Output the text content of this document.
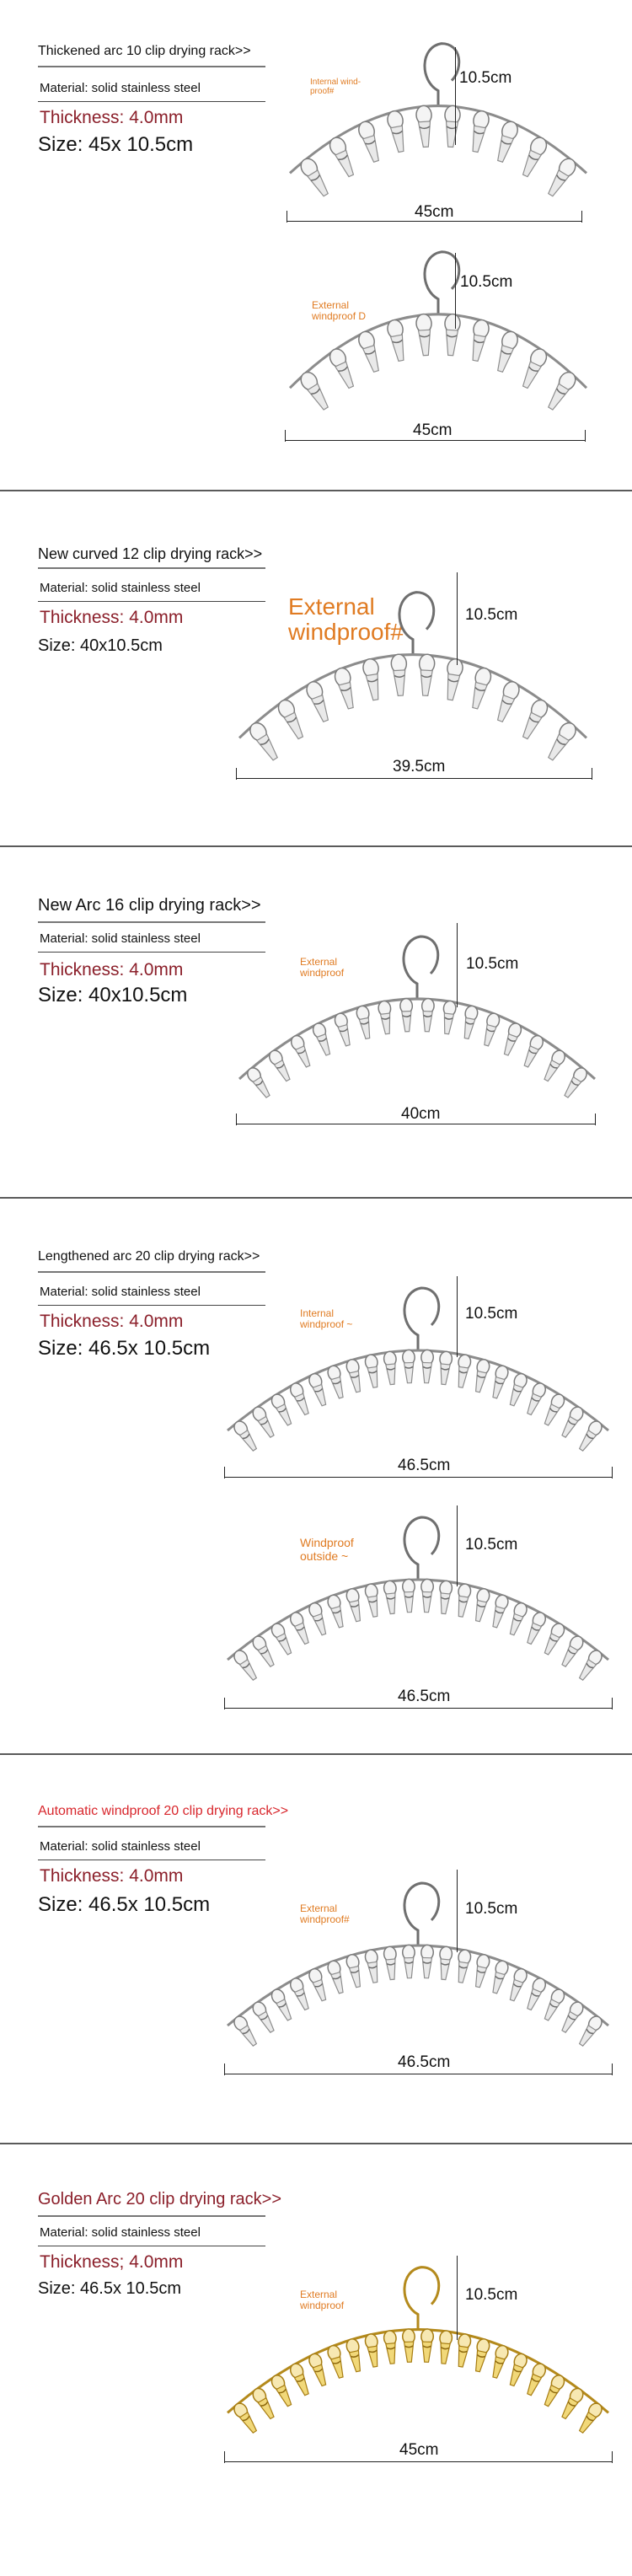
Thickened arc 10 clip drying rack>>
Material: solid stainless steel
Thickness: 4.0mm
Size: 45x 10.5cm
Internal wind-proof#
10.5cm
45cm
External windproof D
10.5cm
45cm
New curved 12 clip drying rack>>
Material: solid stainless steel
Thickness: 4.0mm
Size: 40x10.5cm
External windproof#
10.5cm
39.5cm
New Arc 16 clip drying rack>>
Material: solid stainless steel
Thickness: 4.0mm
Size: 40x10.5cm
External windproof	10.5cm
40cm
Lengthened arc 20 clip drying rack>>
Material: solid stainless steel
Thickness: 4.0mm
Size: 46.5x 10.5cm
Internal windproof ~
10.5cm
46.5cm
Windproof outside ~
10.5cm
46.5cm
Automatic windproof 20 clip drying rack>>
Material: solid stainless steel
Thickness: 4.0mm
Size: 46.5x 10.5cm	External windproof#
10.5cm
46.5cm
Golden Arc 20 clip drying rack>>
Material: solid stainless steel
Thickness; 4.0mm
Size: 46.5x 10.5cm	External windproof
10.5cm
45cm
